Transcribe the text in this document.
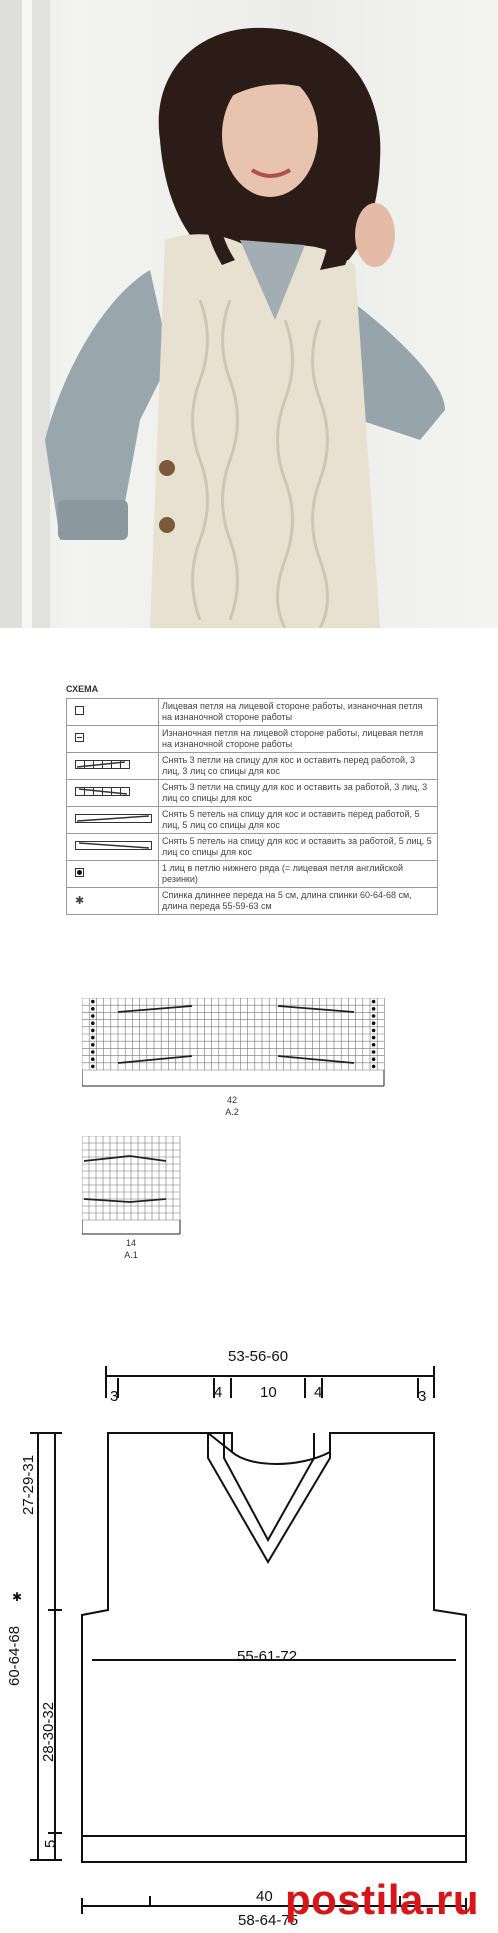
СХЕМА
	Лицевая петля на лицевой стороне работы, изнаночная петля на изнаночной стороне работы
	Изнаночная петля на лицевой стороне работы, лицевая петля на изнаночной стороне работы
	Снять 3 петли на спицу для кос и оставить перед работой, 3 лиц, 3 лиц со спицы для кос
	Снять 3 петли на спицу для кос и оставить за работой, 3 лиц, 3 лиц со спицы для кос
	Снять 5 петель на спицу для кос и оставить перед работой, 5 лиц, 5 лиц со спицы для кос
	Снять 5 петель на спицу для кос и оставить за работой, 5 лиц, 5 лиц со спицы для кос
	1 лиц в петлю нижнего ряда (= лицевая петля английской резинки)
✱	Спинка длиннее переда на 5 см, длина спинки 60-64-68 см, длина переда 55-59-63 см
42
A.2
14
A.1
53-56-60
3	4	10 4	3
27-29-31
60-64-68
✱
28-30-32
5
55-61-72
40
58-64-75
postila.ru
